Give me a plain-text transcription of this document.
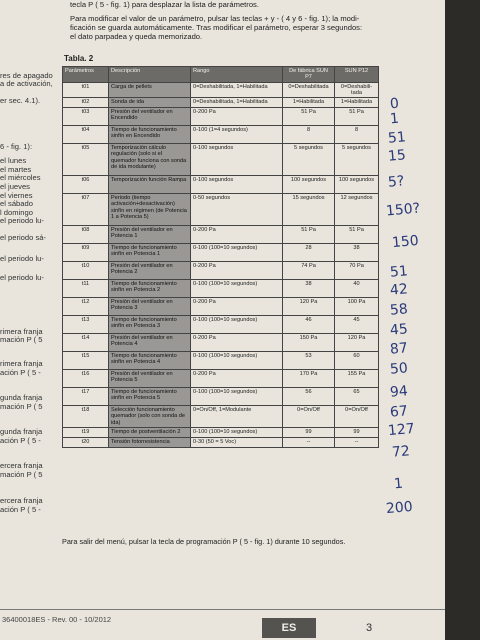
tecla P ( 5 - fig. 1) para desplazar la lista de parámetros.
Para modificar el valor de un parámetro, pulsar las teclas + y - ( 4 y 6 - fig. 1); la modi-
ficación se guarda automáticamente. Tras modificar el parámetro, esperar 3 segundos:
el dato parpadea y queda memorizado.
res de apagado
a de activación,
er sec. 4.1).
6 - fig. 1):
el lunes
el martes
el miércoles
el jueves
el viernes
el sábado
l domingo
el periodo lu-
el periodo sá-
el periodo lu-
el periodo lu-
rimera franja
mación P ( 5
rimera franja
ación P ( 5 -
gunda franja
mación P ( 5
gunda franja
ación P ( 5 -
ercera franja
mación P ( 5
ercera franja
ación P ( 5 -
Tabla. 2
Parámetros	Descripción	Rango	De fábrica SUN P7	SUN P12
t01	Carga de pellets	0=Deshabilitada, 1=Habilitada	0=Deshabilitada	0=Deshabili-tada
t02	Sonda de ida	0=Deshabilitada, 1=Habilitada	1=Habilitada	1=Habilitada
t03	Presión del ventilador en Encendido	0-200 Pa	51 Pa	51 Pa
t04	Tiempo de funcionamiento sinfín en Encendido	0-100 (1=4 segundos)	8	8
t05	Temporización cálculo regulación (solo si el quemador funciona con sonda de ida modulante)	0-100 segundos	5 segundos	5 segundos
t06	Temporización función Rampa	0-100 segundos	100 segundos	100 segundos
t07	Periodo (tiempo activación+desactivación) sinfín en régimen (de Potencia 1 a Potencia 5)	0-50 segundos	15 segundos	12 segundos
t08	Presión del ventilador en Potencia 1	0-200 Pa	51 Pa	51 Pa
t09	Tiempo de funcionamiento sinfín en Potencia 1	0-100 (100=10 segundos)	28	38
t10	Presión del ventilador en Potencia 2	0-200 Pa	74 Pa	70 Pa
t11	Tiempo de funcionamiento sinfín en Potencia 2	0-100 (100=10 segundos)	38	40
t12	Presión del ventilador en Potencia 3	0-200 Pa	120 Pa	100 Pa
t13	Tiempo de funcionamiento sinfín en Potencia 3	0-100 (100=10 segundos)	46	45
t14	Presión del ventilador en Potencia 4	0-200 Pa	150 Pa	120 Pa
t15	Tiempo de funcionamiento sinfín en Potencia 4	0-100 (100=10 segundos)	53	60
t16	Presión del ventilador en Potencia 5	0-200 Pa	170 Pa	155 Pa
t17	Tiempo de funcionamiento sinfín en Potencia 5	0-100 (100=10 segundos)	56	65
t18	Selección funcionamiento quemador (solo con sonda de ida)	0=On/Off, 1=Modulante	0=On/Off	0=On/Off
t19	Tiempo de postventilación 2	0-100 (100=10 segundos)	99	99
t20	Tensión fotorresistencia	0-30 (50 = 5 Voc)	--	--
Para salir del menú, pulsar la tecla de programación P ( 5 - fig. 1) durante 10 segundos.
36400018ES - Rev. 00 - 10/2012
ES	3
0
1
51
15
5?
150?
150
51
42
58
45
87
50
94
67
127
72
1
200
